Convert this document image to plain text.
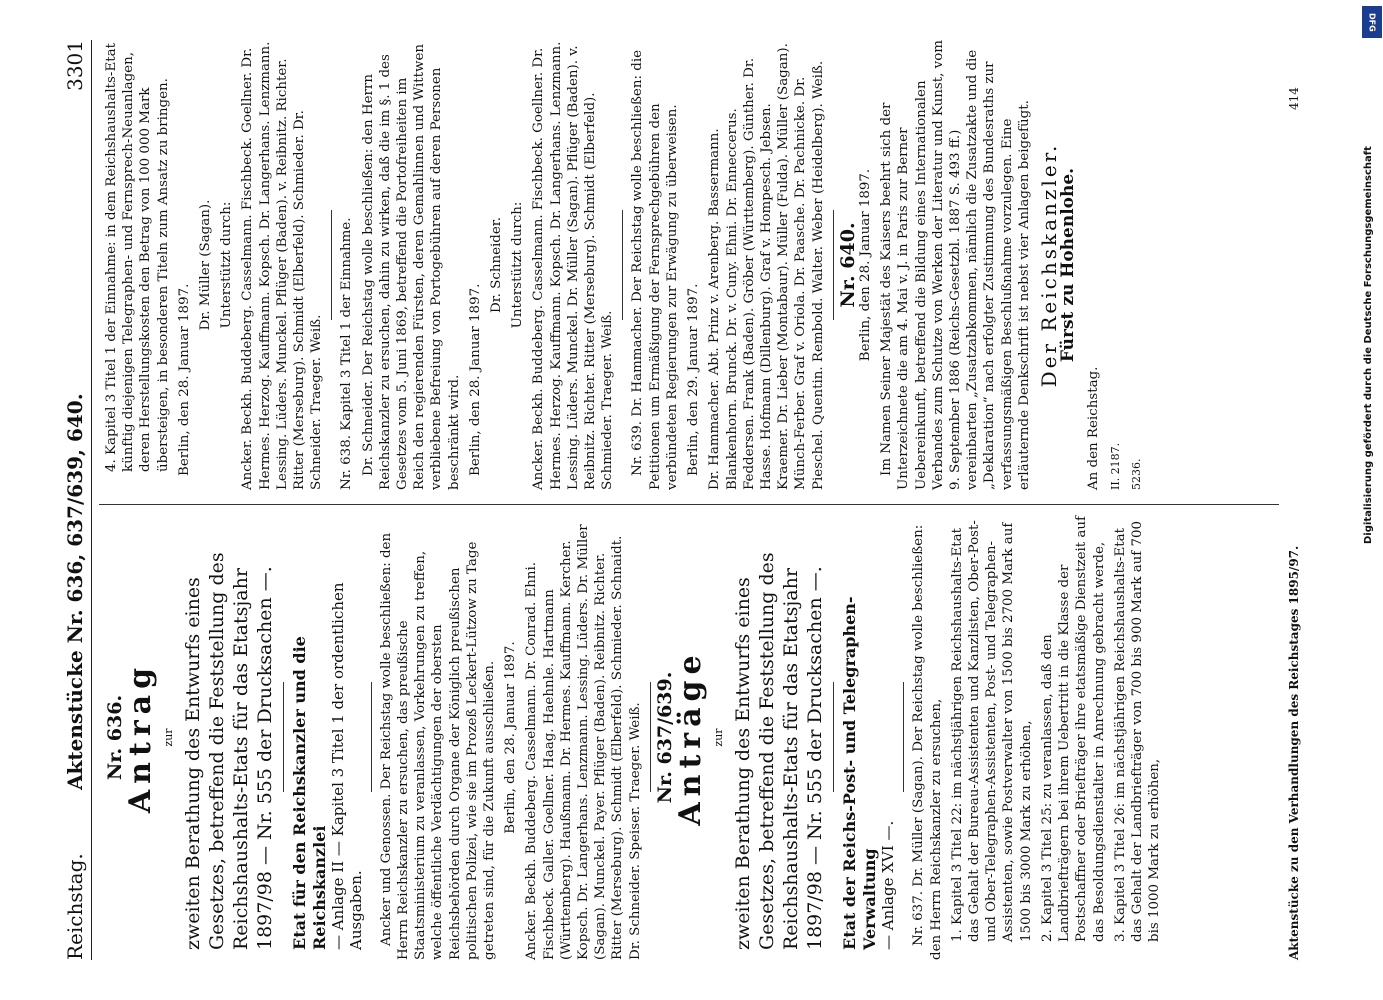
Reichstag.
Aktenstücke Nr. 636, 637/639, 640.
3301
Nr. 636.
Antrag zur zweiten Berathung des Entwurfs eines Gesetzes, betreffend die Feststellung des Reichshaushalts-Etats für das Etatsjahr 1897/98 — Nr. 555 der Drucksachen —. Etat für den Reichskanzler und die Reichskanzlei — Anlage II — Kapitel 3 Titel 1 der ordentlichen Ausgaben. Ancker und Genossen. Der Reichstag wolle beschließen: den Herrn Reichskanzler zu ersuchen, das preußische Staatsministerium zu veranlassen, Vorkehrungen zu treffen, welche öffentliche Verdächtigungen der obersten Reichsbehörden durch Organe der Königlich preußischen politischen Polizei, wie sie im Prozeß Leckert-Lützow zu Tage getreten sind, für die Zukunft ausschließen. Berlin, den 28. Januar 1897. Ancker. Beckh. Buddeberg. Casselmann. Dr. Conrad. Ehni. Fischbeck. Galler. Goellner. Haag. Haehnle. Hartmann (Württemberg). Haußmann. Dr. Hermes. Kauffmann. Kercher. Kopsch. Dr. Langerhans. Lenzmann. Lessing. Lüders. Dr. Müller (Sagan). Munckel. Payer. Pflüger (Baden). Reibnitz. Richter. Ritter (Merseburg). Schmidt (Elberfeld). Schmieder. Schnaidt. Dr. Schneider. Speiser. Traeger. Weiß. Nr. 637/639.
Anträge zur zweiten Berathung des Entwurfs eines Gesetzes, betreffend die Feststellung des Reichshaushalts-Etats für das Etatsjahr 1897/98 — Nr. 555 der Drucksachen —. Etat der Reichs-Post- und Telegraphen-Verwaltung — Anlage XVI —. Nr. 637. Dr. Müller (Sagan). Der Reichstag wolle beschließen: den Herrn Reichskanzler zu ersuchen, 1. Kapitel 3 Titel 22: im nächstjährigen Reichshaushalts-Etat das Gehalt der Bureau-Assistenten und Kanzlisten, Ober-Post- und Ober-Telegraphen-Assistenten, Post- und Telegraphen-Assistenten, sowie Postverwalter von 1500 bis 2700 Mark auf 1500 bis 3000 Mark zu erhöhen, 2. Kapitel 3 Titel 25: zu veranlassen, daß den Landbriefträgern bei ihrem Uebertritt in die Klasse der Postschaffner oder Briefträger ihre etatsmäßige Dienstzeit auf das Besoldungsdienstalter in Anrechnung gebracht werde, 3. Kapitel 3 Titel 26: im nächstjährigen Reichshaushalts-Etat das Gehalt der Landbriefträger von 700 bis 900 Mark auf 700 bis 1000 Mark zu erhöhen,

4. Kapitel 3 Titel 1 der Einnahme: in dem Reichshaushalts-Etat künftig diejenigen Telegraphen- und Fernsprech-Neuanlagen, deren Herstellungskosten den Betrag von 100 000 Mark übersteigen, in besonderen Titeln zum Ansatz zu bringen. Berlin, den 28. Januar 1897.

Dr. Müller (Sagan). Unterstützt durch: Ancker. Beckh. Buddeberg. Casselmann. Fischbeck. Goellner. Dr. Hermes. Herzog. Kauffmann. Kopsch. Dr. Langerhans. Lenzmann. Lessing. Lüders. Munckel. Pflüger (Baden). v. Reibnitz. Richter. Ritter (Merseburg). Schmidt (Elberfeld). Schmieder. Dr. Schneider. Traeger. Weiß. Nr. 638. Kapitel 3 Titel 1 der Einnahme. Dr. Schneider. Der Reichstag wolle beschließen: den Herrn Reichskanzler zu ersuchen, dahin zu wirken, daß die im §. 1 des Gesetzes vom 5. Juni 1869, betreffend die Portofreiheiten im Reich den regierenden Fürsten, deren Gemahlinnen und Wittwen verbliebene Befreiung von Portogebühren auf deren Personen beschränkt wird. Berlin, den 28. Januar 1897.

Dr. Schneider. Unterstützt durch: Ancker. Beckh. Buddeberg. Casselmann. Fischbeck. Goellner. Dr. Hermes. Herzog. Kauffmann. Kopsch. Dr. Langerhans. Lenzmann. Lessing. Lüders. Munckel. Dr. Müller (Sagan). Pflüger (Baden). v. Reibnitz. Richter. Ritter (Merseburg). Schmidt (Elberfeld). Schmieder. Traeger. Weiß. Nr. 639. Dr. Hammacher. Der Reichstag wolle beschließen: die Petitionen um Ermäßigung der Fernsprechgebühren den verbündeten Regierungen zur Erwägung zu überweisen. Berlin, den 29. Januar 1897. Dr. Hammacher. Abt. Prinz v. Arenberg. Bassermann. Blankenhorn. Brunck. Dr. v. Cuny. Ehni. Dr. Enneccerus. Feddersen. Frank (Baden). Gröber (Württemberg). Günther. Dr. Hasse. Hofmann (Dillenburg). Graf v. Hompesch. Jebsen. Kraemer. Dr. Lieber (Montabaur). Müller (Fulda). Müller (Sagan). Münch-Ferber. Graf v. Oriola. Dr. Paasche. Dr. Pachnicke. Dr. Pieschel. Quentin. Rembold. Walter. Weber (Heidelberg). Weiß. Nr. 640. Berlin, den 28. Januar 1897. Im Namen Seiner Majestät des Kaisers beehrt sich der Unterzeichnete die am 4. Mai v. J. in Paris zur Berner Uebereinkunft, betreffend die Bildung eines Internationalen Verbandes zum Schutze von Werken der Literatur und Kunst, vom 9. September 1886 (Reichs-Gesetzbl. 1887 S. 493 ff.) vereinbarten „Zusatzabkommen, nämlich die Zusatzakte und die „Deklaration“ nach erfolgter Zustimmung des Bundesraths zur verfassungsmäßigen Beschlußnahme vorzulegen. Eine erläuternde Denkschrift ist nebst vier Anlagen beigefügt. Der Reichskanzler.

Fürst zu Hohenlohe.

An den Reichstag. II. 2187. 5236.

Aktenstücke zu den Verhandlungen des Reichstages 1895/97.
414
DFG
Digitalisierung gefördert durch die Deutsche Forschungsgemeinschaft
